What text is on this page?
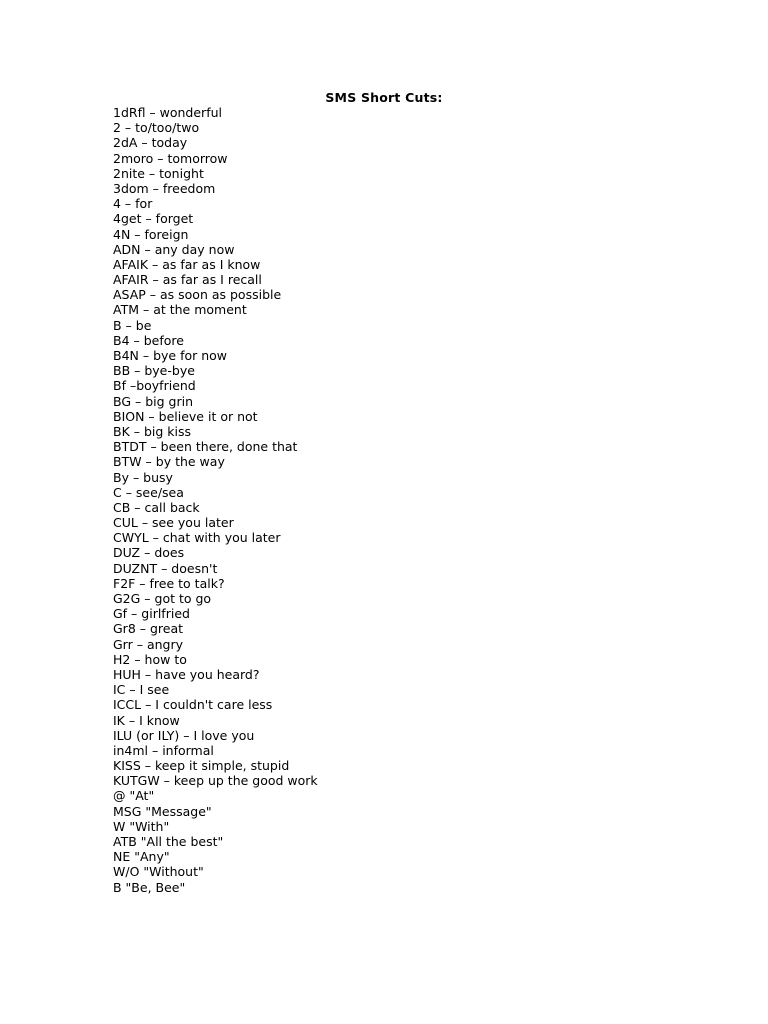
SMS Short Cuts:
1dRfl – wonderful
2 – to/too/two
2dA – today
2moro – tomorrow
2nite – tonight
3dom – freedom
4 – for
4get – forget
4N – foreign
ADN – any day now
AFAIK – as far as I know
AFAIR – as far as I recall
ASAP – as soon as possible
ATM – at the moment
B – be
B4 – before
B4N – bye for now
BB – bye-bye
Bf –boyfriend
BG – big grin
BION – believe it or not
BK – big kiss
BTDT – been there, done that
BTW – by the way
By – busy
C – see/sea
CB – call back
CUL – see you later
CWYL – chat with you later
DUZ – does
DUZNT – doesn't
F2F – free to talk?
G2G – got to go
Gf – girlfried
Gr8 – great
Grr – angry
H2 – how to
HUH – have you heard?
IC – I see
ICCL – I couldn't care less
IK – I know
ILU (or ILY) – I love you
in4ml – informal
KISS – keep it simple, stupid
KUTGW – keep up the good work
@ "At"
MSG "Message"
W "With"
ATB "All the best"
NE "Any"
W/O "Without"
B "Be, Bee"
